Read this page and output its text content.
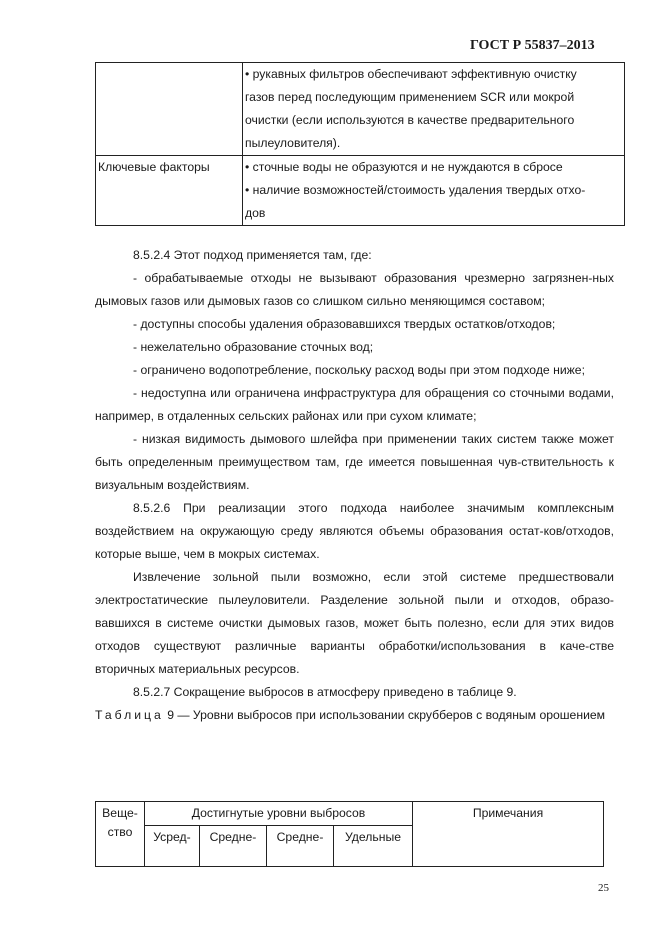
ГОСТ Р 55837–2013

	• рукавных фильтров обеспечивают эффективную очистку
газов перед последующим применением SCR или мокрой
очистки (если используются в качестве предварительного
пылеуловителя).

Ключевые факторы	• сточные воды не образуются и не нуждаются в сбросе
• наличие возможностей/стоимость удаления твердых отхо-
дов

8.5.2.4 Этот подход применяется там, где:

- обрабатываемые отходы не вызывают образования чрезмерно загрязнен-ных дымовых газов или дымовых газов со слишком сильно меняющимся составом;

- доступны способы удаления образовавшихся твердых остатков/отходов;

- нежелательно образование сточных вод;

- ограничено водопотребление, поскольку расход воды при этом подходе ниже;

- недоступна или ограничена инфраструктура для обращения со сточными водами, например, в отдаленных сельских районах или при сухом климате;

- низкая видимость дымового шлейфа при применении таких систем также может быть определенным преимуществом там, где имеется повышенная чув-ствительность к визуальным воздействиям.

8.5.2.6 При реализации этого подхода наиболее значимым комплексным воздействием на окружающую среду являются объемы образования остат-ков/отходов, которые выше, чем в мокрых системах.

Извлечение зольной пыли возможно, если этой системе предшествовали электростатические пылеуловители. Разделение зольной пыли и отходов, образо-вавшихся в системе очистки дымовых газов, может быть полезно, если для этих видов отходов существуют различные варианты обработки/использования в каче-стве вторичных материальных ресурсов.

8.5.2.7 Сокращение выбросов в атмосферу приведено в таблице 9.

Таблица 9 — Уровни выбросов при использовании скрубберов с водяным орошением

Веще-
ство	Достигнутые уровни выбросов				Примечания
	Усред-	Средне-	Средне-	Удельные	
25
